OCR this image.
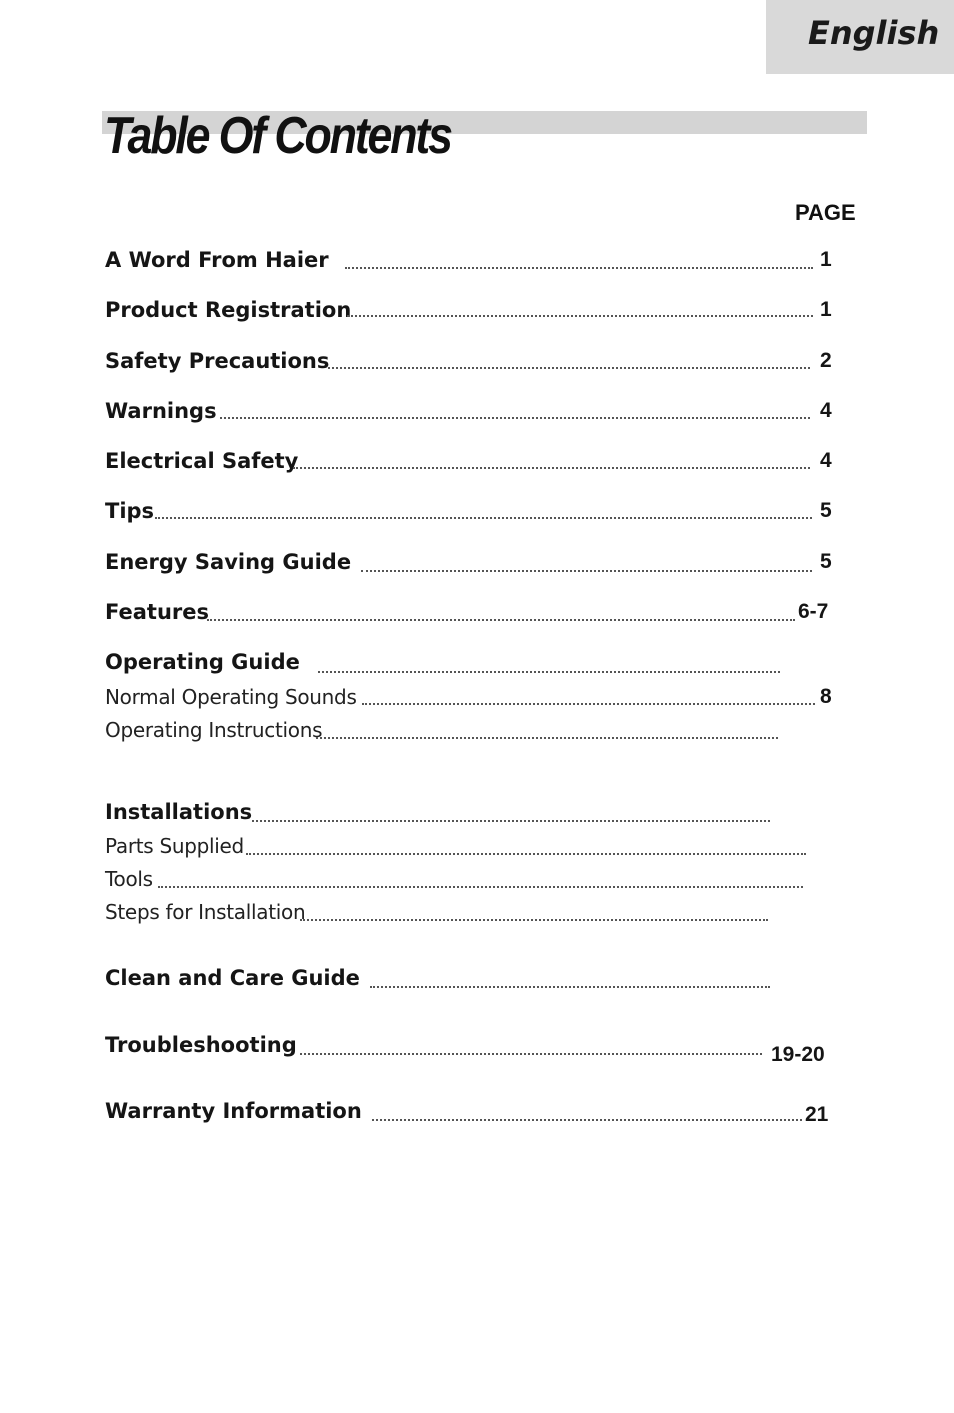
English
Table Of Contents
PAGE
A Word From Haier	1
Product Registration	1
Safety Precautions	2
Warnings	4
Electrical Safety	4
Tips	5
Energy Saving Guide	5
Features	6-7
Operating Guide
Normal Operating Sounds	8
Operating Instructions
Installations
Parts Supplied
Tools
Steps for Installation
Clean and Care Guide
Troubleshooting	19-20
Warranty Information	21
